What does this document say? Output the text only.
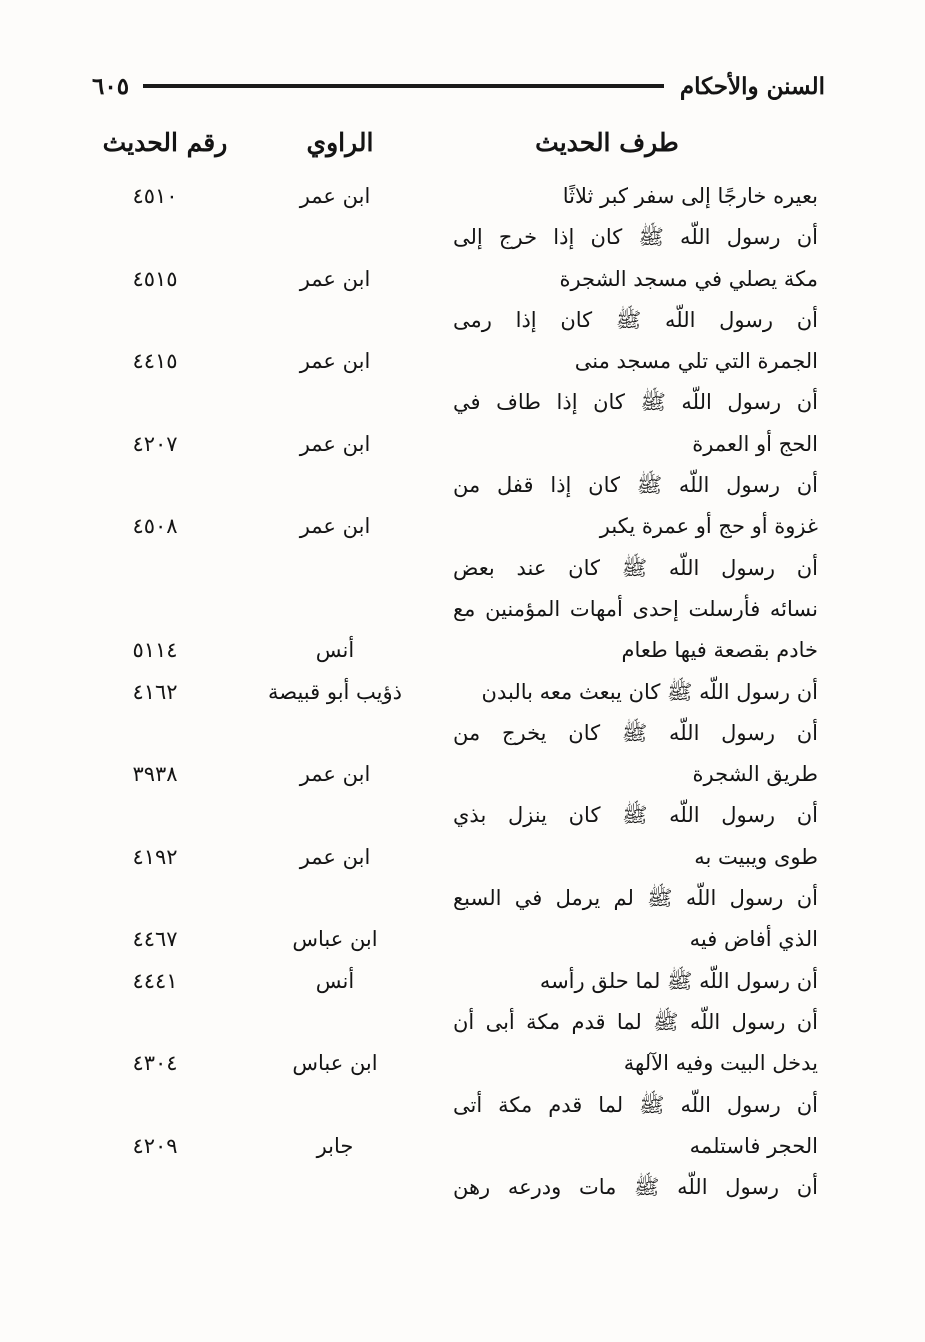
السنن والأحكام
٦٠٥
طرف الحديث
الراوي
رقم الحديث
بعيره خارجًا إلى سفر كبر ثلاثًا
ابن عمر
٤٥١٠
أن رسول اللّه ﷺ كان إذا خرج إلى
مكة يصلي في مسجد الشجرة
ابن عمر
٤٥١٥
أن رسول اللّه ﷺ كان إذا رمى
الجمرة التي تلي مسجد منى
ابن عمر
٤٤١٥
أن رسول اللّه ﷺ كان إذا طاف في
الحج أو العمرة
ابن عمر
٤٢٠٧
أن رسول اللّه ﷺ كان إذا قفل من
غزوة أو حج أو عمرة يكبر
ابن عمر
٤٥٠٨
أن رسول اللّه ﷺ كان عند بعض
نسائه فأرسلت إحدى أمهات المؤمنين مع
خادم بقصعة فيها طعام
أنس
٥١١٤
أن رسول اللّه ﷺ كان يبعث معه بالبدن
ذؤيب أبو قبيصة
٤١٦٢
أن رسول اللّه ﷺ كان يخرج من
طريق الشجرة
ابن عمر
٣٩٣٨
أن رسول اللّه ﷺ كان ينزل بذي
طوى ويبيت به
ابن عمر
٤١٩٢
أن رسول اللّه ﷺ لم يرمل في السبع
الذي أفاض فيه
ابن عباس
٤٤٦٧
أن رسول اللّه ﷺ لما حلق رأسه
أنس
٤٤٤١
أن رسول اللّه ﷺ لما قدم مكة أبى أن
يدخل البيت وفيه الآلهة
ابن عباس
٤٣٠٤
أن رسول اللّه ﷺ لما قدم مكة أتى
الحجر فاستلمه
جابر
٤٢٠٩
أن رسول اللّه ﷺ مات ودرعه رهن
